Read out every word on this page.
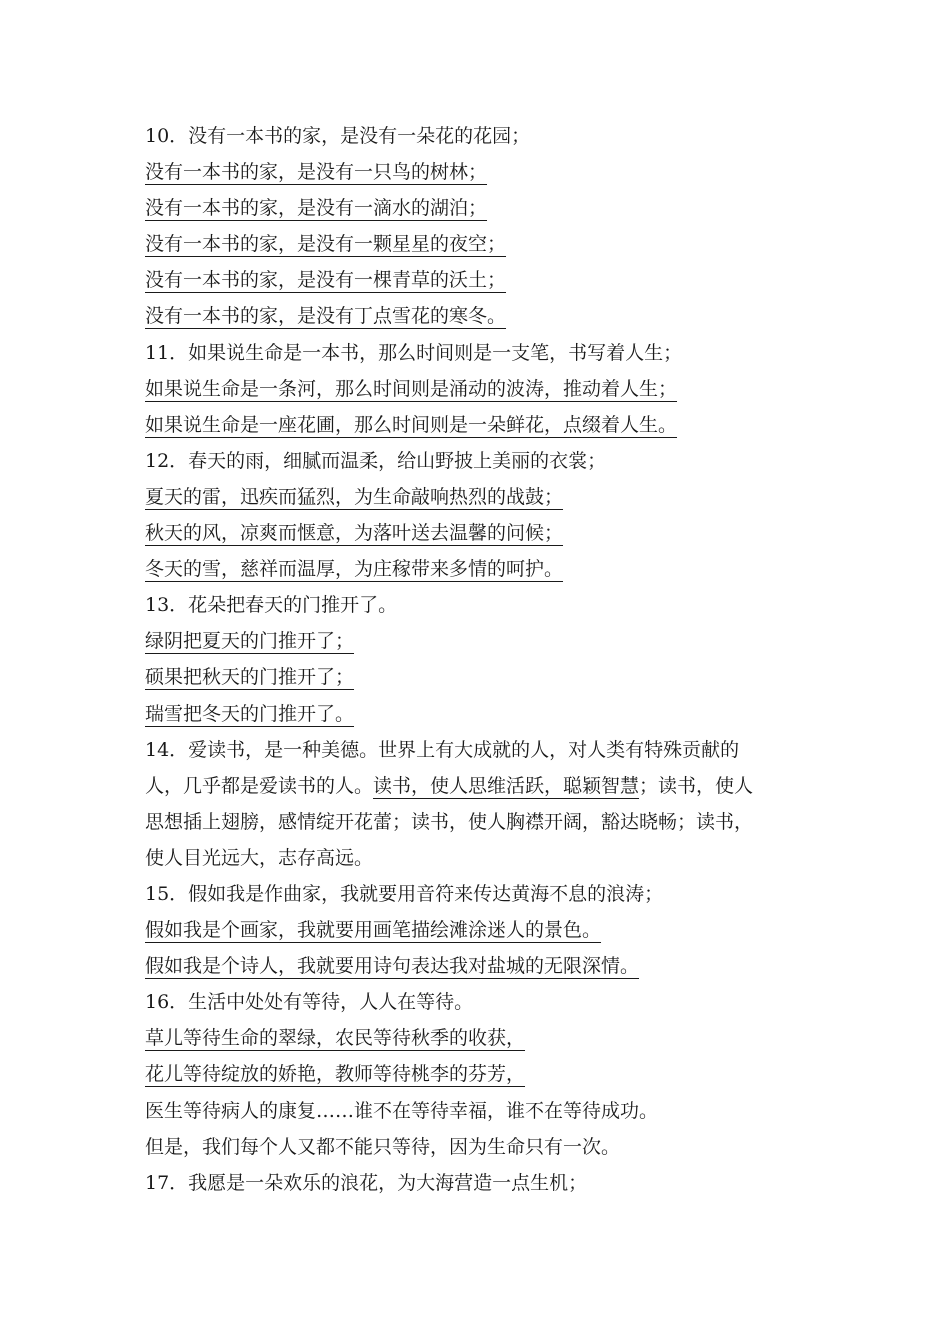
10．没有一本书的家，是没有一朵花的花园；
没有一本书的家，是没有一只鸟的树林；
没有一本书的家，是没有一滴水的湖泊；
没有一本书的家，是没有一颗星星的夜空；
没有一本书的家，是没有一棵青草的沃土；
没有一本书的家，是没有丁点雪花的寒冬。
11．如果说生命是一本书，那么时间则是一支笔，书写着人生；
如果说生命是一条河，那么时间则是涌动的波涛，推动着人生；
如果说生命是一座花圃，那么时间则是一朵鲜花，点缀着人生。
12．春天的雨，细腻而温柔，给山野披上美丽的衣裳；
夏天的雷，迅疾而猛烈，为生命敲响热烈的战鼓；
秋天的风，凉爽而惬意，为落叶送去温馨的问候；
冬天的雪，慈祥而温厚，为庄稼带来多情的呵护。
13．花朵把春天的门推开了。
绿阴把夏天的门推开了；
硕果把秋天的门推开了；
瑞雪把冬天的门推开了。
14．爱读书，是一种美德。世界上有大成就的人，对人类有特殊贡献的
人，几乎都是爱读书的人。读书，使人思维活跃，聪颖智慧；读书，使人
思想插上翅膀，感情绽开花蕾；读书，使人胸襟开阔，豁达晓畅；读书，
使人目光远大，志存高远。
15．假如我是作曲家，我就要用音符来传达黄海不息的浪涛；
假如我是个画家，我就要用画笔描绘滩涂迷人的景色。
假如我是个诗人，我就要用诗句表达我对盐城的无限深情。
16．生活中处处有等待，人人在等待。
草儿等待生命的翠绿，农民等待秋季的收获，
花儿等待绽放的娇艳，教师等待桃李的芬芳，
医生等待病人的康复……谁不在等待幸福，谁不在等待成功。
但是，我们每个人又都不能只等待，因为生命只有一次。
17．我愿是一朵欢乐的浪花，为大海营造一点生机；
